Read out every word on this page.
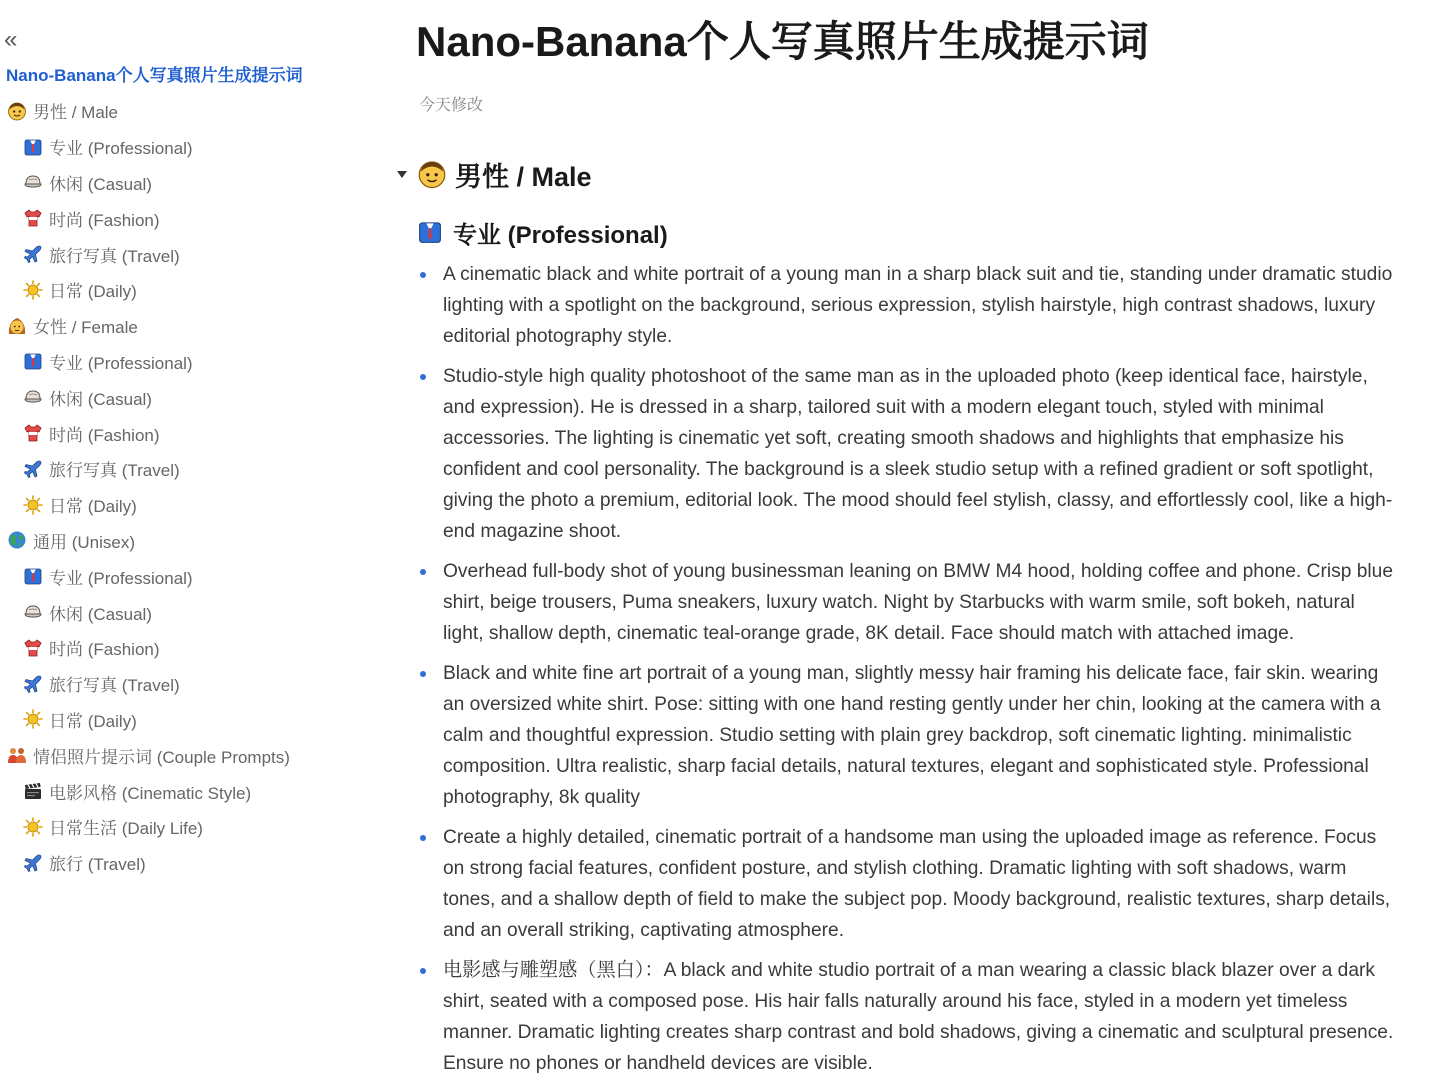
«
Nano-Banana个人写真照片生成提示词
男性 / Male
专业 (Professional)
休闲 (Casual)
时尚 (Fashion)
旅行写真 (Travel)
日常 (Daily)
女性 / Female
专业 (Professional)
休闲 (Casual)
时尚 (Fashion)
旅行写真 (Travel)
日常 (Daily)
通用 (Unisex)
专业 (Professional)
休闲 (Casual)
时尚 (Fashion)
旅行写真 (Travel)
日常 (Daily)
情侣照片提示词 (Couple Prompts)
电影风格 (Cinematic Style)
日常生活 (Daily Life)
旅行 (Travel)
Nano-Banana个人写真照片生成提示词
今天修改
男性 / Male
专业 (Professional)
A cinematic black and white portrait of a young man in a sharp black suit and tie, standing under dramatic studio lighting with a spotlight on the background, serious expression, stylish hairstyle, high contrast shadows, luxury editorial photography style.
Studio-style high quality photoshoot of the same man as in the uploaded photo (keep identical face, hairstyle, and expression). He is dressed in a sharp, tailored suit with a modern elegant touch, styled with minimal accessories. The lighting is cinematic yet soft, creating smooth shadows and highlights that emphasize his confident and cool personality. The background is a sleek studio setup with a refined gradient or soft spotlight, giving the photo a premium, editorial look. The mood should feel stylish, classy, and effortlessly cool, like a high-end magazine shoot.
Overhead full-body shot of young businessman leaning on BMW M4 hood, holding coffee and phone. Crisp blue shirt, beige trousers, Puma sneakers, luxury watch. Night by Starbucks with warm smile, soft bokeh, natural light, shallow depth, cinematic teal-orange grade, 8K detail. Face should match with attached image.
Black and white fine art portrait of a young man, slightly messy hair framing his delicate face, fair skin. wearing an oversized white shirt. Pose: sitting with one hand resting gently under her chin, looking at the camera with a calm and thoughtful expression. Studio setting with plain grey backdrop, soft cinematic lighting. minimalistic composition. Ultra realistic, sharp facial details, natural textures, elegant and sophisticated style. Professional photography, 8k quality
Create a highly detailed, cinematic portrait of a handsome man using the uploaded image as reference. Focus on strong facial features, confident posture, and stylish clothing. Dramatic lighting with soft shadows, warm tones, and a shallow depth of field to make the subject pop. Moody background, realistic textures, sharp details, and an overall striking, captivating atmosphere.
电影感与雕塑感（黑白）：A black and white studio portrait of a man wearing a classic black blazer over a dark shirt, seated with a composed pose. His hair falls naturally around his face, styled in a modern yet timeless manner. Dramatic lighting creates sharp contrast and bold shadows, giving a cinematic and sculptural presence. Ensure no phones or handheld devices are visible.
